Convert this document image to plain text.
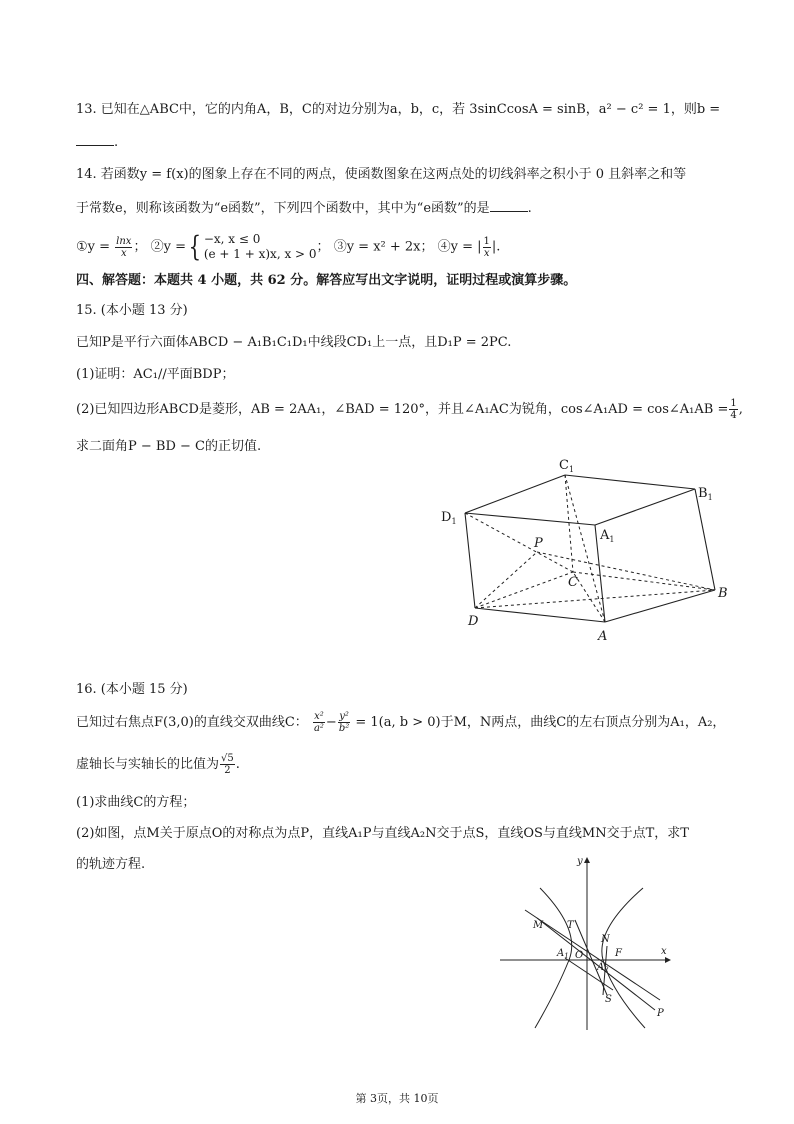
13. 已知在△ABC中，它的内角A，B，C的对边分别为a，b，c，若 3sinCcosA = sinB，a² − c² = 1，则b =
.
14. 若函数y = f(x)的图象上存在不同的两点，使函数图象在这两点处的切线斜率之积小于 0 且斜率之和等
于常数e，则称该函数为“e函数”，下列四个函数中，其中为“e函数”的是	.
①y = $\frac{\ln x}{x}$ ； ②y ={ −x, x ≤ 0
(e + 1 + x)x, x > 0 ； ③y = x² + 2x； ④y = | $\frac{1}{x}$ |.
四、解答题：本题共 4 小题，共 62 分。解答应写出文字说明，证明过程或演算步骤。
15. (本小题 13 分)
已知P是平行六面体ABCD − A₁B₁C₁D₁中线段CD₁上一点，且D₁P = 2PC.
(1)证明：AC₁//平面BDP；
(2)已知四边形ABCD是菱形，AB = 2AA₁，∠BAD = 120°，并且∠A₁AC为锐角，cos∠A₁AD = cos∠A₁AB = $\frac{1}{4}$ ,
求二面角P − BD − C的正切值.
$C_1$
$B_1$
$D_1$
$A_1$
P
C
B
D
A
16. (本小题 15 分)
已知过右焦点F(3,0)的直线交双曲线C： $\frac{\text{x²}}{\text{a²}} - \frac{\text{y²}}{\text{b²}} = 1(a$, b > 0)于M，N两点，曲线C的左右顶点分别为A₁，A₂，
虚轴长与实轴长的比值为 $\frac{√5}{2}$ .
(1)求曲线C的方程；
(2)如图，点M关于原点O的对称点为点P，直线A₁P与直线A₂N交于点S，直线OS与直线MN交于点T，求T
的轨迹方程.	y
x
M T
N
F
O
$A_1$
$A_2$
S
P
第 3页，共 10页
